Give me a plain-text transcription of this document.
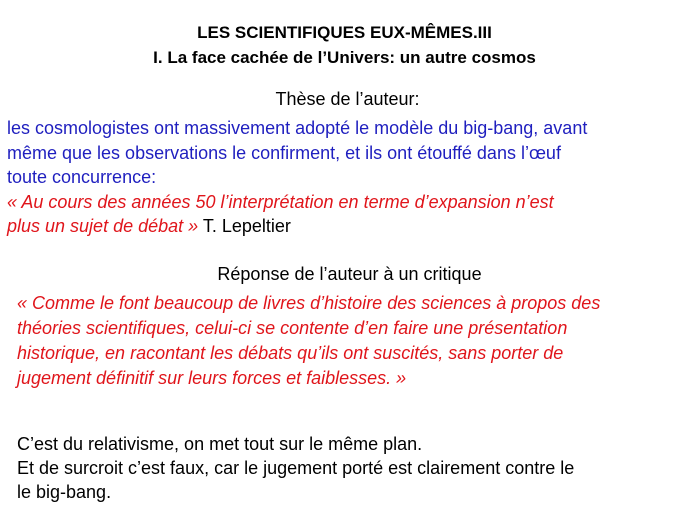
LES SCIENTIFIQUES EUX-MÊMES.III
I. La face cachée de l’Univers: un autre cosmos
Thèse de l’auteur:
les cosmologistes ont massivement adopté le modèle du big-bang, avant
même que les observations le confirment, et ils ont étouffé dans l’œuf
toute concurrence:
« Au cours des années 50 l’interprétation en terme d’expansion n’est
plus un sujet de débat » T. Lepeltier
Réponse de l’auteur à un critique
« Comme le font beaucoup de livres d’histoire des sciences à propos des
théories scientifiques, celui-ci se contente d’en faire une présentation
historique, en racontant les débats qu’ils ont suscités, sans porter de
jugement définitif sur leurs forces et faiblesses. »
C’est du relativisme, on met tout sur le même plan.
Et de surcroit c’est faux, car le jugement porté est clairement contre le
le big-bang.
